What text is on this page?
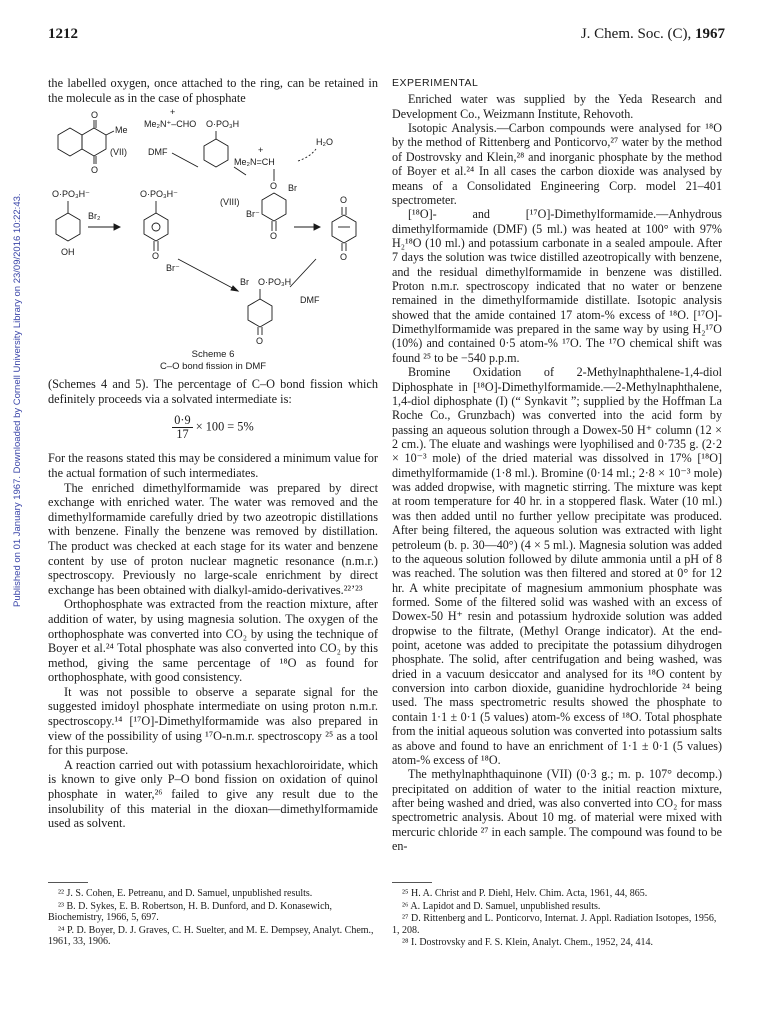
1212	J. Chem. Soc. (C), 1967
Published on 01 January 1967. Downloaded by Cornell University Library on 23/09/2016 10:22:43.

the labelled oxygen, once attached to the ring, can be retained in the molecule as in the case of phosphate

O
O
Me
(VII)
+
Me₂N⁺–CHO O·PO₃H
DMF	+
Me₂N=CH
H₂O
O Br
(VIII)
Br⁻
O
O·PO₃H⁻
OH
Br₂
O·PO₃H⁻
O
Br⁻
O
O
Br O·PO₃H
DMF
O
Scheme 6
C–O bond fission in DMF

(Schemes 4 and 5). The percentage of C–O bond fission which definitely proceeds via a solvated intermediate is:

$\frac{0\cdot 9}{17} \times 100 = 5\%$

For the reasons stated this may be considered a minimum value for the actual formation of such intermediates.

The enriched dimethylformamide was prepared by direct exchange with enriched water. The water was removed and the dimethylformamide carefully dried by two azeotropic distillations with benzene. Finally the benzene was removed by distillation. The product was checked at each stage for its water and benzene content by use of proton nuclear magnetic resonance (n.m.r.) spectroscopy. Previously no large-scale enrichment by direct exchange has been obtained with dialkyl-amido-derivatives.²²ʼ²³

Orthophosphate was extracted from the reaction mixture, after addition of water, by using magnesia solution. The oxygen of the orthophosphate was converted into CO₂ by using the technique of Boyer et al.²⁴ Total phosphate was also converted into CO₂ by this method, giving the same percentage of ¹⁸O as found for orthophosphate, with good consistency.

It was not possible to observe a separate signal for the suggested imidoyl phosphate intermediate on using proton n.m.r. spectroscopy.¹⁴ [¹⁷O]-Dimethylformamide was also prepared in view of the possibility of using ¹⁷O-n.m.r. spectroscopy ²⁵ as a tool for this purpose.

A reaction carried out with potassium hexachloroiridate, which is known to give only P–O bond fission on oxidation of quinol phosphate in water,²⁶ failed to give any result due to the insolubility of this material in the dioxan—dimethylformamide used as solvent.

EXPERIMENTAL

Enriched water was supplied by the Yeda Research and Development Co., Weizmann Institute, Rehovoth.

Isotopic Analysis.—Carbon compounds were analysed for ¹⁸O by the method of Rittenberg and Ponticorvo,²⁷ water by the method of Dostrovsky and Klein,²⁸ and inorganic phosphate by the method of Boyer et al.²⁴ In all cases the carbon dioxide was analysed by means of a Consolidated Engineering Corp. model 21–401 spectrometer.

[¹⁸O]- and [¹⁷O]-Dimethylformamide.—Anhydrous dimethylformamide (DMF) (5 ml.) was heated at 100° with 97% H₂¹⁸O (10 ml.) and potassium carbonate in a sealed ampoule. After 7 days the solution was twice distilled azeotropically with benzene, and the residual dimethylformamide in benzene was distilled. Proton n.m.r. spectroscopy indicated that no water or benzene remained in the dimethylformamide distillate. Isotopic analysis showed that the amide contained 17 atom-% excess of ¹⁸O. [¹⁷O]-Dimethylformamide was prepared in the same way by using H₂¹⁷O (10%) and contained 0·5 atom-% ¹⁷O. The ¹⁷O chemical shift was found ²⁵ to be −540 p.p.m.

Bromine Oxidation of 2-Methylnaphthalene-1,4-diol Diphosphate in [¹⁸O]-Dimethylformamide.—2-Methylnaphthalene, 1,4-diol diphosphate (I) (“ Synkavit ”; supplied by the Hoffman La Roche Co., Grunzbach) was converted into the acid form by passing an aqueous solution through a Dowex-50 H⁺ column (12 × 2 cm.). The eluate and washings were lyophilised and 0·735 g. (2·2 × 10⁻³ mole) of the dried material was dissolved in 17% [¹⁸O] dimethylformamide (1·8 ml.). Bromine (0·14 ml.; 2·8 × 10⁻³ mole) was added dropwise, with magnetic stirring. The mixture was kept at room temperature for 40 hr. in a stoppered flask. Water (10 ml.) was then added until no further yellow precipitate was produced. After being filtered, the aqueous solution was extracted with light petroleum (b. p. 30—40°) (4 × 5 ml.). Magnesia solution was added to the aqueous solution followed by dilute ammonia until a pH of 8 was reached. The solution was then filtered and stored at 0° for 12 hr. A white precipitate of magnesium ammonium phosphate was formed. Some of the filtered solid was washed with an excess of Dowex-50 H⁺ resin and potassium hydroxide solution was added dropwise to the filtrate, (Methyl Orange indicator). At the end-point, acetone was added to precipitate the potassium dihydrogen phosphate. The solid, after centrifugation and being washed, was dried in a vacuum desiccator and analysed for its ¹⁸O content by conversion into carbon dioxide, guanidine hydrochloride ²⁴ being used. The mass spectrometric results showed the phosphate to contain 1·1 ± 0·1 (5 values) atom-% excess of ¹⁸O. Total phosphate from the initial aqueous solution was converted into potassium salts as above and found to have an enrichment of 1·1 ± 0·1 (5 values) atom-% excess of ¹⁸O.

The methylnaphthaquinone (VII) (0·3 g.; m. p. 107° decomp.) precipitated on addition of water to the initial reaction mixture, after being washed and dried, was also converted into CO₂ for mass spectrometric analysis. About 10 mg. of material were mixed with mercuric chloride ²⁷ in each sample. The compound was found to be en-

²² J. S. Cohen, E. Petreanu, and D. Samuel, unpublished results.

²³ B. D. Sykes, E. B. Robertson, H. B. Dunford, and D. Konasewich, Biochemistry, 1966, 5, 697.

²⁴ P. D. Boyer, D. J. Graves, C. H. Suelter, and M. E. Dempsey, Analyt. Chem., 1961, 33, 1906.

²⁵ H. A. Christ and P. Diehl, Helv. Chim. Acta, 1961, 44, 865.

²⁶ A. Lapidot and D. Samuel, unpublished results.

²⁷ D. Rittenberg and L. Ponticorvo, Internat. J. Appl. Radiation Isotopes, 1956, 1, 208.

²⁸ I. Dostrovsky and F. S. Klein, Analyt. Chem., 1952, 24, 414.
